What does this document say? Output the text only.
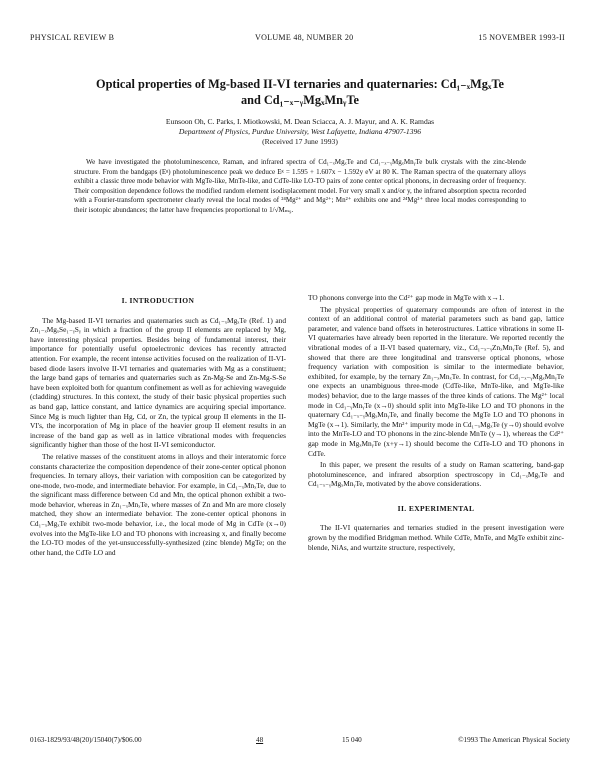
PHYSICAL REVIEW B	VOLUME 48, NUMBER 20	15 NOVEMBER 1993-II
Optical properties of Mg-based II-VI ternaries and quaternaries: Cd₁₋ₓMgₓTe
and Cd₁₋ₓ₋ᵧMgₓMnᵧTe
Eunsoon Oh, C. Parks, I. Miotkowski, M. Dean Sciacca, A. J. Mayur, and A. K. Ramdas
Department of Physics, Purdue University, West Lafayette, Indiana 47907-1396
(Received 17 June 1993)

We have investigated the photoluminescence, Raman, and infrared spectra of Cd₁₋ₓMgₓTe and Cd₁₋ₓ₋ᵧMgₓMnᵧTe bulk crystals with the zinc-blende structure. From the bandgaps (Eᵍ) photoluminescence peak we deduce Eᵍ = 1.595 + 1.607x − 1.592y eV at 80 K. The Raman spectra of the quaternary alloys exhibit a classic three mode behavior with MgTe-like, MnTe-like, and CdTe-like LO-TO pairs of zone center optical phonons, in decreasing order of frequency. Their composition dependence follows the modified random element isodisplacement model. For very small x and/or y, the infrared absorption spectra recorded with a Fourier-transform spectrometer clearly reveal the local modes of ²⁴Mg²⁺ and Mg²⁺; Mn²⁺ exhibits one and ²⁴Mg²⁺ three local modes corresponding to their isotopic abundances; the latter have frequencies proportional to 1/√Mₘ₉.

I. INTRODUCTION

The Mg-based II-VI ternaries and quaternaries such as Cd₁₋ₓMgₓTe (Ref. 1) and Zn₁₋ₓMgₓSe₁₋ᵧSᵧ in which a fraction of the group II elements are replaced by Mg, have interesting physical properties. Besides being of fundamental interest, their importance for potentially useful optoelectronic devices has recently attracted attention. For example, the recent intense activities focused on the realization of II-VI-based diode lasers involve II-VI ternaries and quaternaries with Mg as a constituent; the large band gaps of ternaries and quaternaries such as Zn-Mg-Se and Zn-Mg-S-Se have been exploited both for quantum confinement as well as for achieving waveguide (cladding) structures. In this context, the study of their basic physical properties such as band gap, lattice constant, and lattice dynamics are acquiring special importance. Since Mg is much lighter than Hg, Cd, or Zn, the typical group II elements in the II-VI's, the incorporation of Mg in place of the heavier group II element results in an increase of the band gap as well as in lattice vibrational modes with frequencies significantly higher than those of the host II-VI semiconductor.

The relative masses of the constituent atoms in alloys and their interatomic force constants characterize the composition dependence of their zone-center optical phonon frequencies. In ternary alloys, their variation with composition can be categorized by one-mode, two-mode, and intermediate behavior. For example, in Cd₁₋ₓMnₓTe, due to the significant mass difference between Cd and Mn, the optical phonon exhibit a two-mode behavior, whereas in Zn₁₋ₓMnₓTe, where masses of Zn and Mn are more closely matched, they show an intermediate behavior. The zone-center optical phonons in Cd₁₋ₓMgₓTe exhibit two-mode behavior, i.e., the local mode of Mg in CdTe (x→0) evolves into the MgTe-like LO and TO phonons with increasing x, and finally become the LO-TO modes of the yet-unsuccessfully-synthesized (zinc blende) MgTe; on the other hand, the CdTe LO and

TO phonons converge into the Cd²⁺ gap mode in MgTe with x→1.

The physical properties of quaternary compounds are often of interest in the context of an additional control of material parameters such as band gap, lattice parameter, and valence band offsets in heterostructures. Lattice vibrations in some II-VI quaternaries have already been reported in the literature. We reported recently the vibrational modes of a II-VI based quaternary, viz., Cd₁₋ₓ₋ᵧZnₓMnᵧTe (Ref. 5), and showed that there are three longitudinal and transverse optical phonons, whose frequency variation with composition is similar to the intermediate behavior, exhibited, for example, by the ternary Zn₁₋ₓMnₓTe. In contrast, for Cd₁₋ₓ₋ᵧMgₓMnᵧTe one expects an unambiguous three-mode (CdTe-like, MnTe-like, and MgTe-like modes) behavior, due to the large masses of the three kinds of cations. The Mg²⁺ local mode in Cd₁₋ᵧMnᵧTe (x→0) should split into MgTe-like LO and TO phonons in the quaternary Cd₁₋ₓ₋ᵧMgₓMnᵧTe, and finally become the MgTe LO and TO phonons in MgTe (x→1). Similarly, the Mn²⁺ impurity mode in Cd₁₋ₓMgₓTe (y→0) should evolve into the MnTe-LO and TO phonons in the zinc-blende MnTe (y→1), whereas the Cd²⁺ gap mode in MgₓMnᵧTe (x+y→1) should become the CdTe-LO and TO phonons in CdTe.

In this paper, we present the results of a study on Raman scattering, band-gap photoluminescence, and infrared absorption spectroscopy in Cd₁₋ₓMgₓTe and Cd₁₋ₓ₋ᵧMgₓMnᵧTe, motivated by the above considerations.

II. EXPERIMENTAL

The II-VI quaternaries and ternaries studied in the present investigation were grown by the modified Bridgman method. While CdTe, MnTe, and MgTe exhibit zinc-blende, NiAs, and wurtzite structure, respectively,

0163-1829/93/48(20)/15040(7)/$06.00	48	15 040	©1993 The American Physical Society
